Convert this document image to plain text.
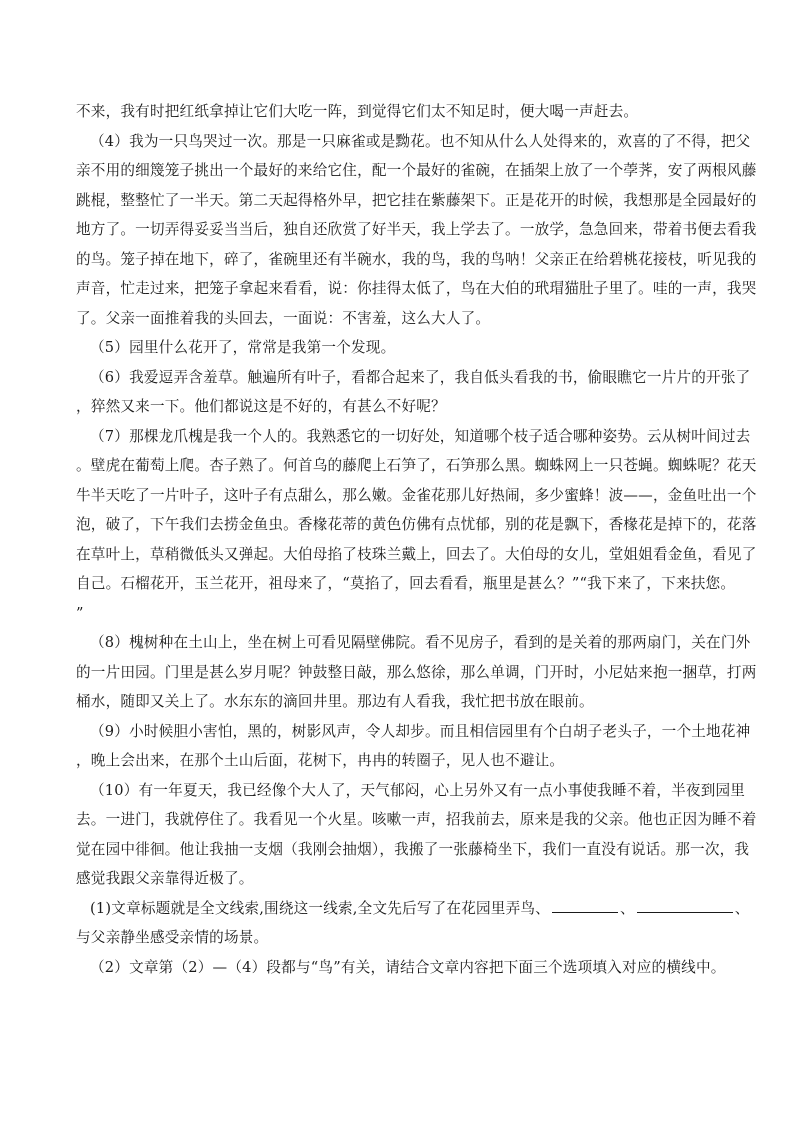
不来，我有时把红纸拿掉让它们大吃一阵，到觉得它们太不知足时，便大喝一声赶去。
（4）我为一只鸟哭过一次。那是一只麻雀或是黝花。也不知从什么人处得来的，欢喜的了不得，把父
亲不用的细篾笼子挑出一个最好的来给它住，配一个最好的雀碗，在插架上放了一个荸荠，安了两根风藤
跳棍，整整忙了一半天。第二天起得格外早，把它挂在紫藤架下。正是花开的时候，我想那是全园最好的
地方了。一切弄得妥妥当当后，独自还欣赏了好半天，我上学去了。一放学，急急回来，带着书便去看我
的鸟。笼子掉在地下，碎了，雀碗里还有半碗水，我的鸟，我的鸟呐！父亲正在给碧桃花接枝，听见我的
声音，忙走过来，把笼子拿起来看看，说：你挂得太低了，鸟在大伯的玳瑁猫肚子里了。哇的一声，我哭
了。父亲一面推着我的头回去，一面说：不害羞，这么大人了。
（5）园里什么花开了，常常是我第一个发现。
（6）我爱逗弄含羞草。触遍所有叶子，看都合起来了，我自低头看我的书，偷眼瞧它一片片的开张了
，猝然又来一下。他们都说这是不好的，有甚么不好呢？
（7）那棵龙爪槐是我一个人的。我熟悉它的一切好处，知道哪个枝子适合哪种姿势。云从树叶间过去
。壁虎在葡萄上爬。杏子熟了。何首乌的藤爬上石笋了，石笋那么黑。蜘蛛网上一只苍蝇。蜘蛛呢？花天
牛半天吃了一片叶子，这叶子有点甜么，那么嫩。金雀花那儿好热闹，多少蜜蜂！波——，金鱼吐出一个
泡，破了，下午我们去捞金鱼虫。香椽花蒂的黄色仿佛有点忧郁，别的花是飘下，香椽花是掉下的，花落
在草叶上，草稍微低头又弹起。大伯母掐了枝珠兰戴上，回去了。大伯母的女儿，堂姐姐看金鱼，看见了
自己。石榴花开，玉兰花开，祖母来了，“莫掐了，回去看看，瓶里是甚么？”“我下来了，下来扶您。
”
（8）槐树种在土山上，坐在树上可看见隔壁佛院。看不见房子，看到的是关着的那两扇门，关在门外
的一片田园。门里是甚么岁月呢？钟鼓整日敲，那么悠徐，那么单调，门开时，小尼姑来抱一捆草，打两
桶水，随即又关上了。水东东的滴回井里。那边有人看我，我忙把书放在眼前。
（9）小时候胆小害怕，黑的，树影风声，令人却步。而且相信园里有个白胡子老头子，一个土地花神
，晚上会出来，在那个土山后面，花树下，冉冉的转圈子，见人也不避让。
（10）有一年夏天，我已经像个大人了，天气郁闷，心上另外又有一点小事使我睡不着，半夜到园里
去。一进门，我就停住了。我看见一个火星。咳嗽一声，招我前去，原来是我的父亲。他也正因为睡不着
觉在园中徘徊。他让我抽一支烟（我刚会抽烟），我搬了一张藤椅坐下，我们一直没有说话。那一次，我
感觉我跟父亲靠得近极了。
(1)文章标题就是全文线索,围绕这一线索,全文先后写了在花园里弄鸟、	、	、
与父亲静坐感受亲情的场景。
（2）文章第（2）—（4）段都与“鸟”有关，请结合文章内容把下面三个选项填入对应的横线中。
